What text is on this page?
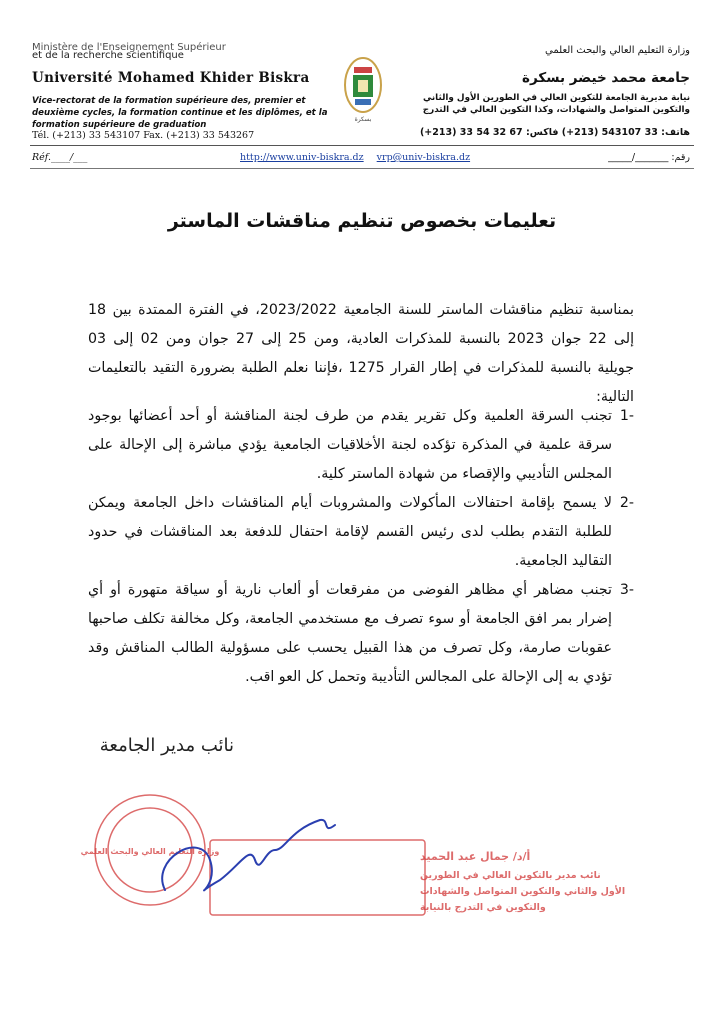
Ministère de l'Enseignement Supérieur
et de la recherche scientifique
Université Mohamed Khider Biskra
Vice-rectorat de la formation supérieure des, premier et deuxième cycles, la formation continue et les diplômes, et la formation supérieure de graduation
Tél. (+213) 33 543107 Fax. (+213) 33 543267
وزارة التعليم العالي والبحث العلمي
جامعة محمد خيضر بسكرة
نيابة مديرية الجامعة للتكوين العالي في الطورين الأول والثاني والتكوين المتواصل والشهادات، وكذا التكوين العالي في التدرج
هاتف: 33 543107 (213+) فاكس: 67 32 54 33 (213+)
بسكرة
Réf.____/___	http://www.univ-biskra.dz vrp@univ-biskra.dz	رقم: _______/_____
تعليمات بخصوص تنظيم مناقشات الماستر
بمناسبة تنظيم مناقشات الماستر للسنة الجامعية 2023/2022، في الفترة الممتدة بين 18 إلى 22 جوان 2023 بالنسبة للمذكرات العادية، ومن 25 إلى 27 جوان ومن 02 إلى 03 جويلية بالنسبة للمذكرات في إطار القرار 1275 ،فإننا نعلم الطلبة بضرورة التقيد بالتعليمات التالية:
-1
تجنب السرقة العلمية وكل تقرير يقدم من طرف لجنة المناقشة أو أحد أعضائها بوجود سرقة علمية في المذكرة تؤكده لجنة الأخلاقيات الجامعية يؤدي مباشرة إلى الإحالة على المجلس التأديبي والإقصاء من شهادة الماستر كلية.
-2
لا يسمح بإقامة احتفالات المأكولات والمشروبات أيام المناقشات داخل الجامعة ويمكن للطلبة التقدم بطلب لدى رئيس القسم لإقامة احتفال للدفعة بعد المناقشات في حدود التقاليد الجامعية.
-3
تجنب مضاهر أي مظاهر الفوضى من مفرقعات أو ألعاب نارية أو سياقة متهورة أو أي إضرار بمر افق الجامعة أو سوء تصرف مع مستخدمي الجامعة، وكل مخالفة تكلف صاحبها عقوبات صارمة، وكل تصرف من هذا القبيل يحسب على مسؤولية الطالب المناقش وقد تؤدي به إلى الإحالة على المجالس التأديبة وتحمل كل العو اقب.
نائب مدير الجامعة
وزارة التعليم العالي والبحث العلمي	أ/د/ جمال عبد الحميد
نائب مدير بالتكوين العالي في الطورين
الأول والثاني والتكوين المتواصل والشهادات
والتكوين في التدرج بالنيابة
